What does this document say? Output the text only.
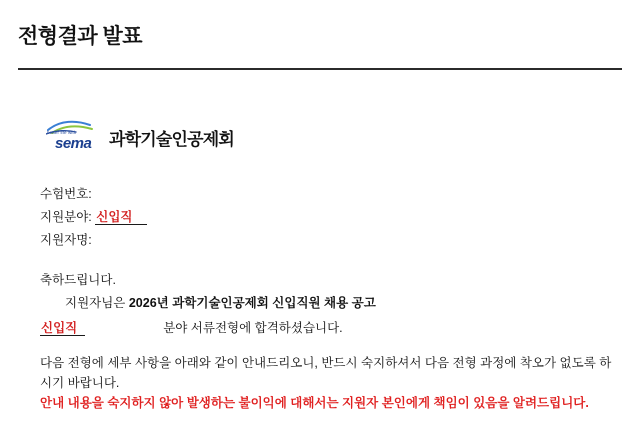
전형결과 발표
better life with
sema 과학기술인공제회
수험번호:
지원분야: 신입직
지원자명:
축하드립니다.
지원자님은 2026년 과학기술인공제회 신입직원 채용 공고
신입직	분야 서류전형에 합격하셨습니다.
다음 전형에 세부 사항을 아래와 같이 안내드리오니, 반드시 숙지하셔서 다음 전형 과정에 착오가 없도록 하시기 바랍니다.
안내 내용을 숙지하지 않아 발생하는 불이익에 대해서는 지원자 본인에게 책임이 있음을 알려드립니다.
